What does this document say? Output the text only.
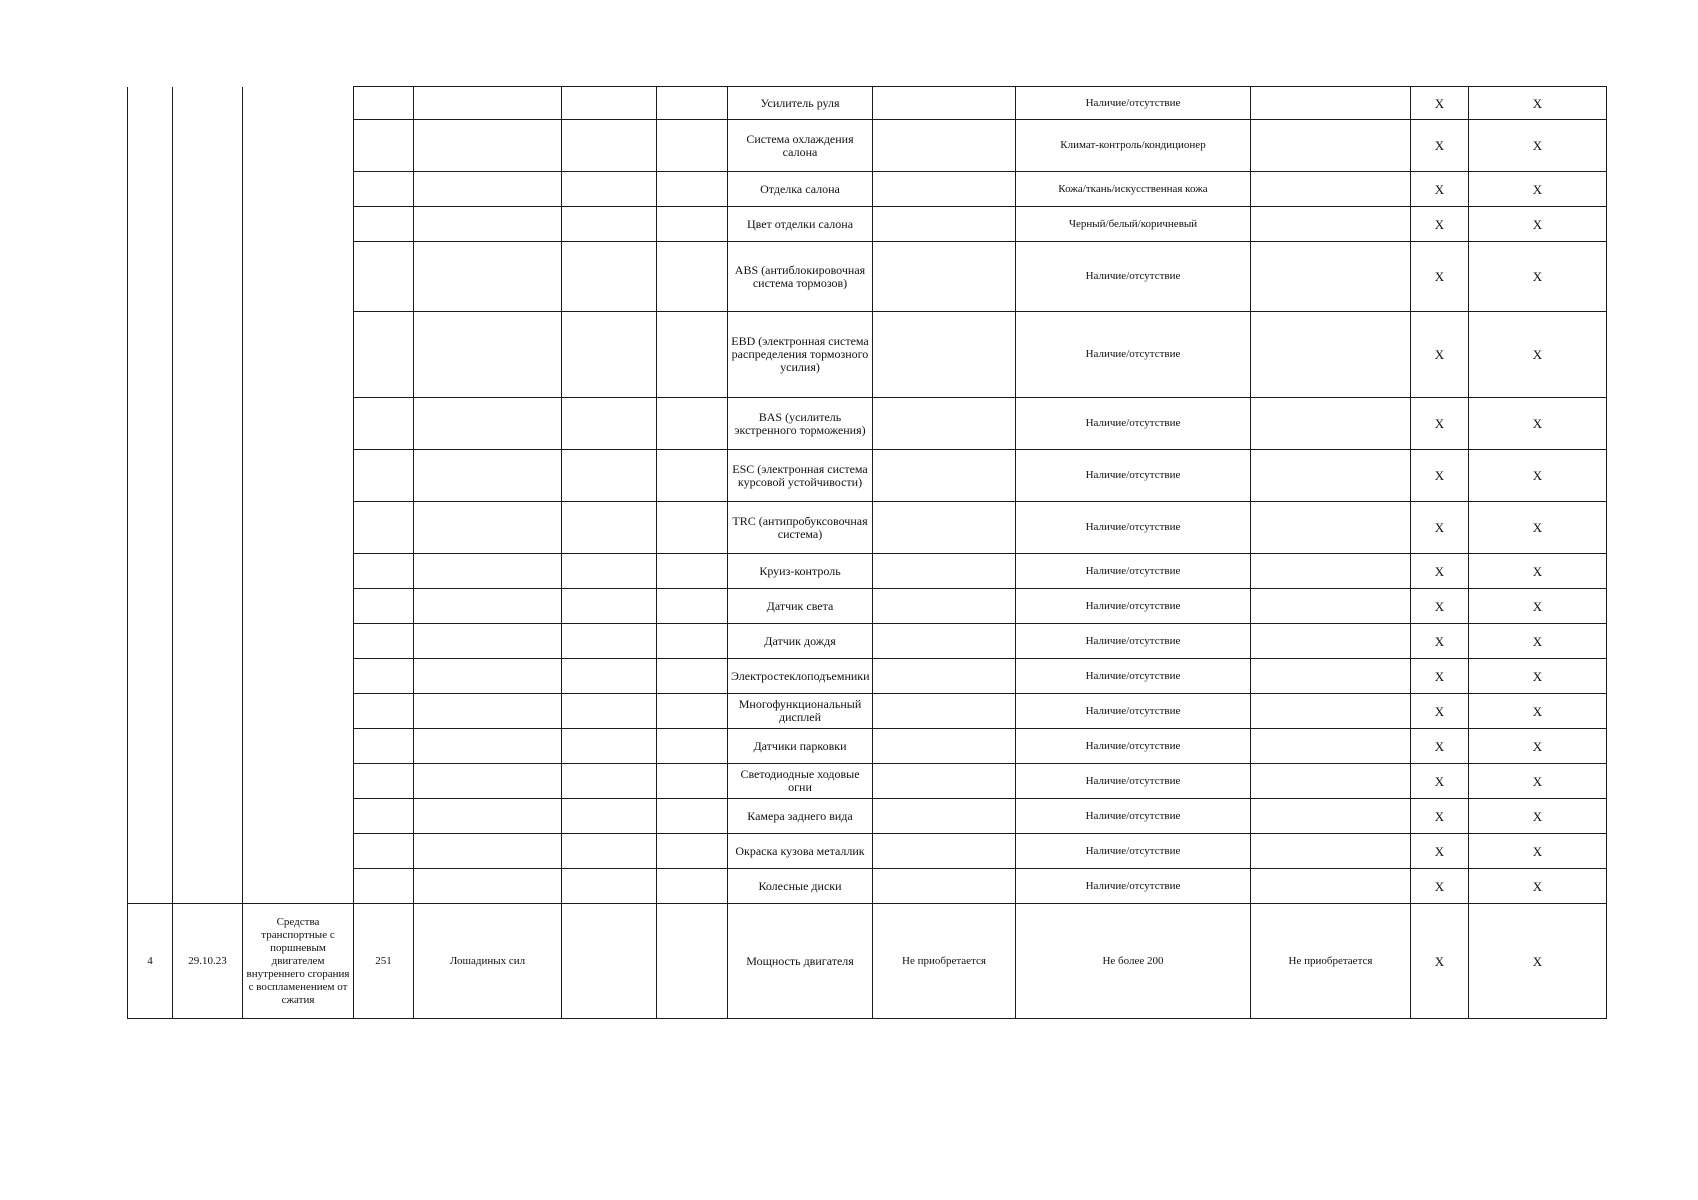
							Усилитель руля		Наличие/отсутствие		X	X
							Система охлаждения салона		Климат-контроль/кондиционер		X	X
							Отделка салона		Кожа/ткань/искусственная кожа		X	X
							Цвет отделки салона		Черный/белый/коричневый		X	X
							ABS (антиблокировочная система тормозов)		Наличие/отсутствие		X	X
							EBD (электронная система распределения тормозного усилия)		Наличие/отсутствие		X	X
							BAS (усилитель экстренного торможения)		Наличие/отсутствие		X	X
							ESC (электронная система курсовой устойчивости)		Наличие/отсутствие		X	X
							TRC (антипробуксовочная система)		Наличие/отсутствие		X	X
							Круиз-контроль		Наличие/отсутствие		X	X
							Датчик света		Наличие/отсутствие		X	X
							Датчик дождя		Наличие/отсутствие		X	X
							Электростеклоподъемники		Наличие/отсутствие		X	X
							Многофункциональный дисплей		Наличие/отсутствие		X	X
							Датчики парковки		Наличие/отсутствие		X	X
							Светодиодные ходовые огни		Наличие/отсутствие		X	X
							Камера заднего вида		Наличие/отсутствие		X	X
							Окраска кузова металлик		Наличие/отсутствие		X	X
							Колесные диски		Наличие/отсутствие		X	X
4	29.10.23	Средства транспортные с поршневым двигателем внутреннего сгорания с воспламенением от сжатия	251	Лошадиных сил			Мощность двигателя	Не приобретается	Не более 200	Не приобретается	X	X
